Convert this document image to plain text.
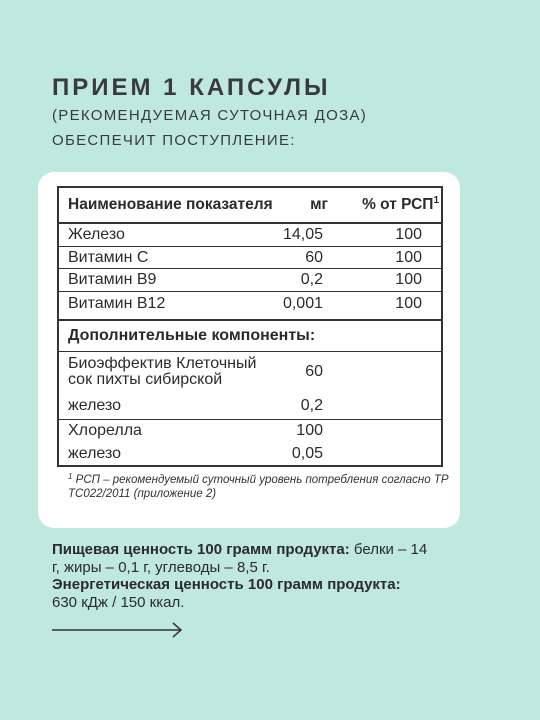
ПРИЕМ 1 КАПСУЛЫ
(РЕКОМЕНДУЕМАЯ СУТОЧНАЯ ДОЗА)
ОБЕСПЕЧИТ ПОСТУПЛЕНИЕ:
Наименование показателя	мг	% от РСП$^1$
Железо	14,05	100
Витамин С	60	100
Витамин В9	0,2	100
Витамин В12	0,001	100
Дополнительные компоненты:
Биоэффектив Клеточный сок пихты сибирской	60
железо	0,2
Хлорелла	100
железо	0,05
$^1$ РСП – рекомендуемый суточный уровень потребления согласно ТР ТС022/2011 (приложение 2)
Пищевая ценность 100 грамм продукта: белки – 14 г, жиры – 0,1 г, углеводы – 8,5 г.
Энергетическая ценность 100 грамм продукта:
630 кДж / 150 ккал.
